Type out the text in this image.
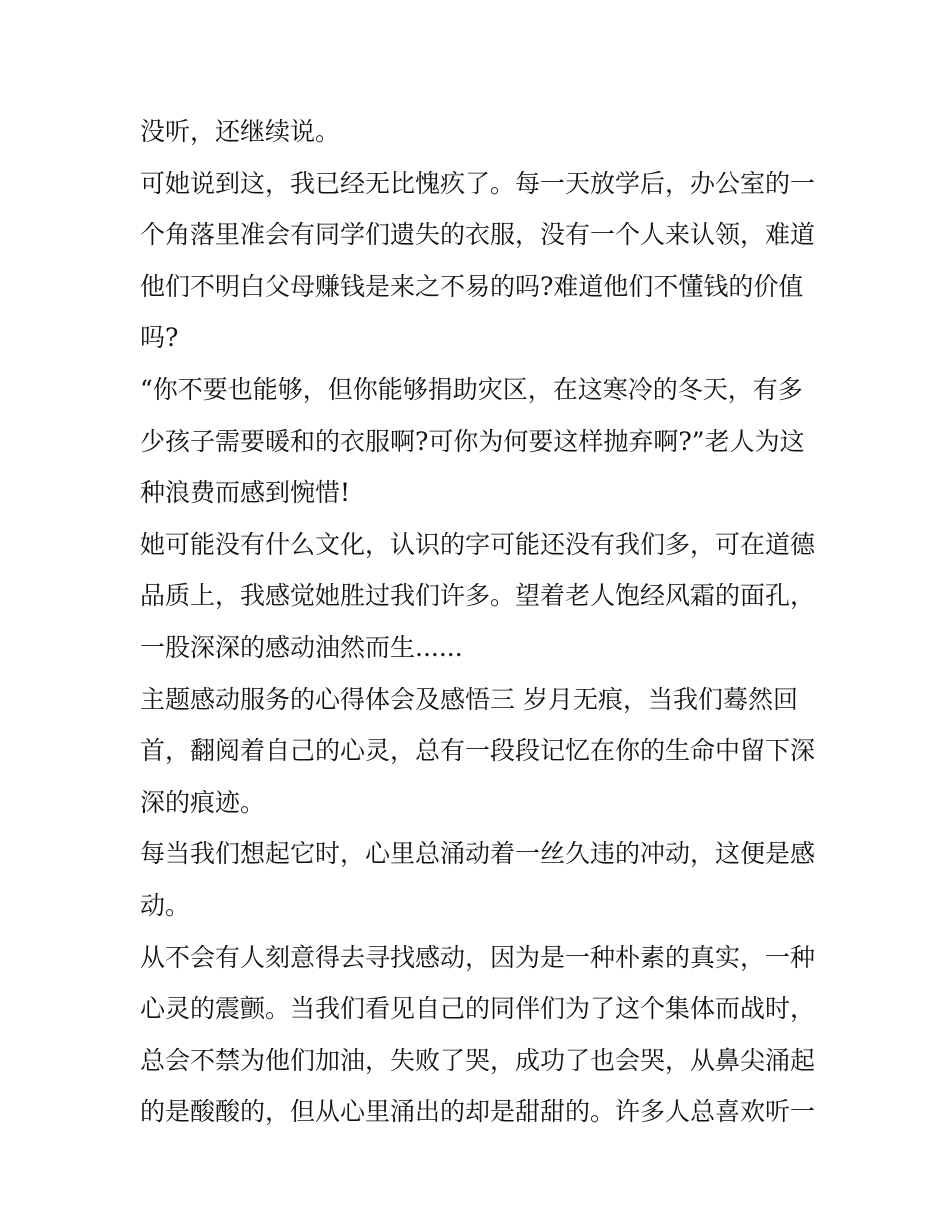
没听，还继续说。
可她说到这，我已经无比愧疚了。每一天放学后，办公室的一
个角落里准会有同学们遗失的衣服，没有一个人来认领，难道
他们不明白父母赚钱是来之不易的吗?难道他们不懂钱的价值
吗?
“你不要也能够，但你能够捐助灾区，在这寒冷的冬天，有多
少孩子需要暖和的衣服啊?可你为何要这样抛弃啊?”老人为这
种浪费而感到惋惜!
她可能没有什么文化，认识的字可能还没有我们多，可在道德
品质上，我感觉她胜过我们许多。望着老人饱经风霜的面孔，
一股深深的感动油然而生......
主题感动服务的心得体会及感悟三 岁月无痕，当我们蓦然回
首，翻阅着自己的心灵，总有一段段记忆在你的生命中留下深
深的痕迹。
每当我们想起它时，心里总涌动着一丝久违的冲动，这便是感
动。
从不会有人刻意得去寻找感动，因为是一种朴素的真实，一种
心灵的震颤。当我们看见自己的同伴们为了这个集体而战时，
总会不禁为他们加油，失败了哭，成功了也会哭，从鼻尖涌起
的是酸酸的，但从心里涌出的却是甜甜的。许多人总喜欢听一
